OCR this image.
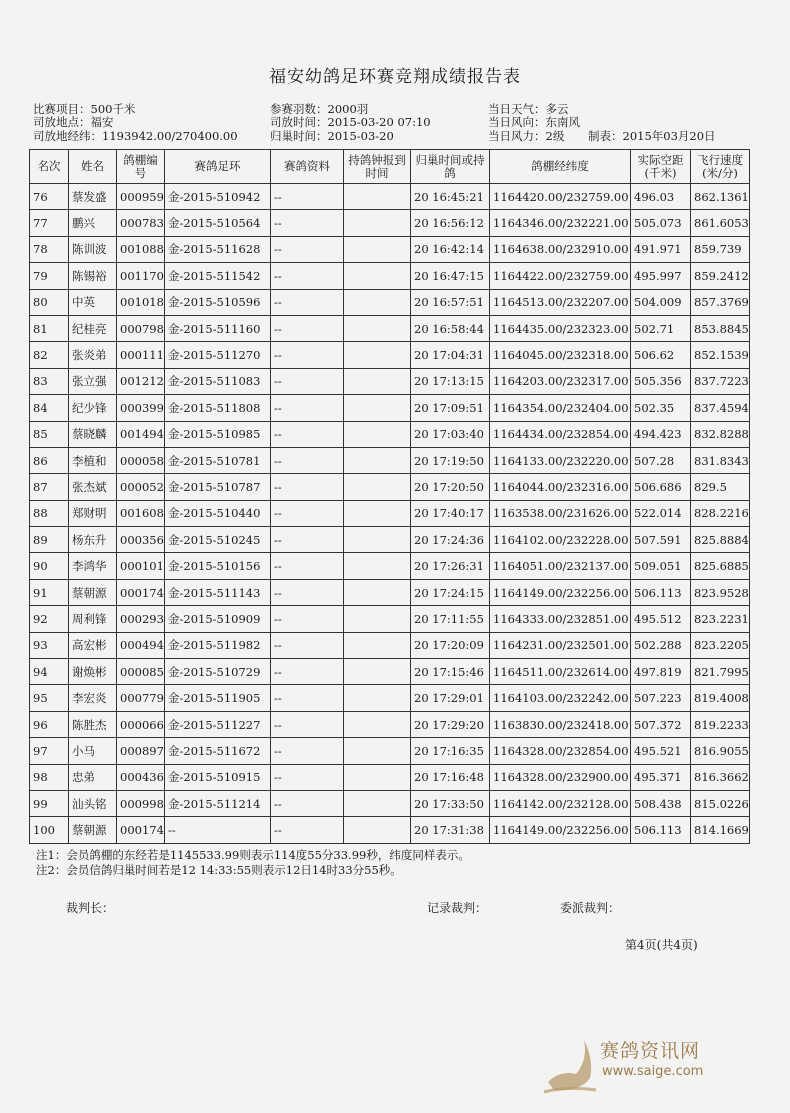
福安幼鸽足环赛竞翔成绩报告表
比赛项目：500千米
司放地点：福安
司放地经纬：1193942.00/270400.00
参赛羽数：2000羽
司放时间：2015-03-20 07:10
归巢时间：2015-03-20
当日天气：多云
当日风向：东南风
当日风力：2级 制表：2015年03月20日
名次	姓名	鸽棚编号	赛鸽足环	赛鸽资料	持鸽钟报到时间	归巢时间或持鸽	鸽棚经纬度	实际空距(千米)	飞行速度(米/分)
76	蔡发盛	000959	金-2015-510942	--		20 16:45:21	1164420.00/232759.00	496.03	862.1361
77	鹏兴	000783	金-2015-510564	--		20 16:56:12	1164346.00/232221.00	505.073	861.6053
78	陈训波	001088	金-2015-511628	--		20 16:42:14	1164638.00/232910.00	491.971	859.739
79	陈锡裕	001170	金-2015-511542	--		20 16:47:15	1164422.00/232759.00	495.997	859.2412
80	中英	001018	金-2015-510596	--		20 16:57:51	1164513.00/232207.00	504.009	857.3769
81	纪桂亮	000798	金-2015-511160	--		20 16:58:44	1164435.00/232323.00	502.71	853.8845
82	张炎弟	000111	金-2015-511270	--		20 17:04:31	1164045.00/232318.00	506.62	852.1539
83	张立强	001212	金-2015-511083	--		20 17:13:15	1164203.00/232317.00	505.356	837.7223
84	纪少锋	000399	金-2015-511808	--		20 17:09:51	1164354.00/232404.00	502.35	837.4594
85	蔡晓麟	001494	金-2015-510985	--		20 17:03:40	1164434.00/232854.00	494.423	832.8288
86	李植和	000058	金-2015-510781	--		20 17:19:50	1164133.00/232220.00	507.28	831.8343
87	张杰斌	000052	金-2015-510787	--		20 17:20:50	1164044.00/232316.00	506.686	829.5
88	郑财明	001608	金-2015-510440	--		20 17:40:17	1163538.00/231626.00	522.014	828.2216
89	杨东升	000356	金-2015-510245	--		20 17:24:36	1164102.00/232228.00	507.591	825.8884
90	李鸿华	000101	金-2015-510156	--		20 17:26:31	1164051.00/232137.00	509.051	825.6885
91	蔡朝源	000174	金-2015-511143	--		20 17:24:15	1164149.00/232256.00	506.113	823.9528
92	周利锋	000293	金-2015-510909	--		20 17:11:55	1164333.00/232851.00	495.512	823.2231
93	高宏彬	000494	金-2015-511982	--		20 17:20:09	1164231.00/232501.00	502.288	823.2205
94	谢焕彬	000085	金-2015-510729	--		20 17:15:46	1164511.00/232614.00	497.819	821.7995
95	李宏炎	000779	金-2015-511905	--		20 17:29:01	1164103.00/232242.00	507.223	819.4008
96	陈胜杰	000066	金-2015-511227	--		20 17:29:20	1163830.00/232418.00	507.372	819.2233
97	小马	000897	金-2015-511672	--		20 17:16:35	1164328.00/232854.00	495.521	816.9055
98	忠弟	000436	金-2015-510915	--		20 17:16:48	1164328.00/232900.00	495.371	816.3662
99	汕头铭	000998	金-2015-511214	--		20 17:33:50	1164142.00/232128.00	508.438	815.0226
100	蔡朝源	000174	--	--		20 17:31:38	1164149.00/232256.00	506.113	814.1669
注1：会员鸽棚的东经若是1145533.99则表示114度55分33.99秒，纬度同样表示。
注2：会员信鸽归巢时间若是12 14:33:55则表示12日14时33分55秒。
裁判长：	记录裁判：	委派裁判：
第4页(共4页)
赛鸽资讯网
www.saige.com
